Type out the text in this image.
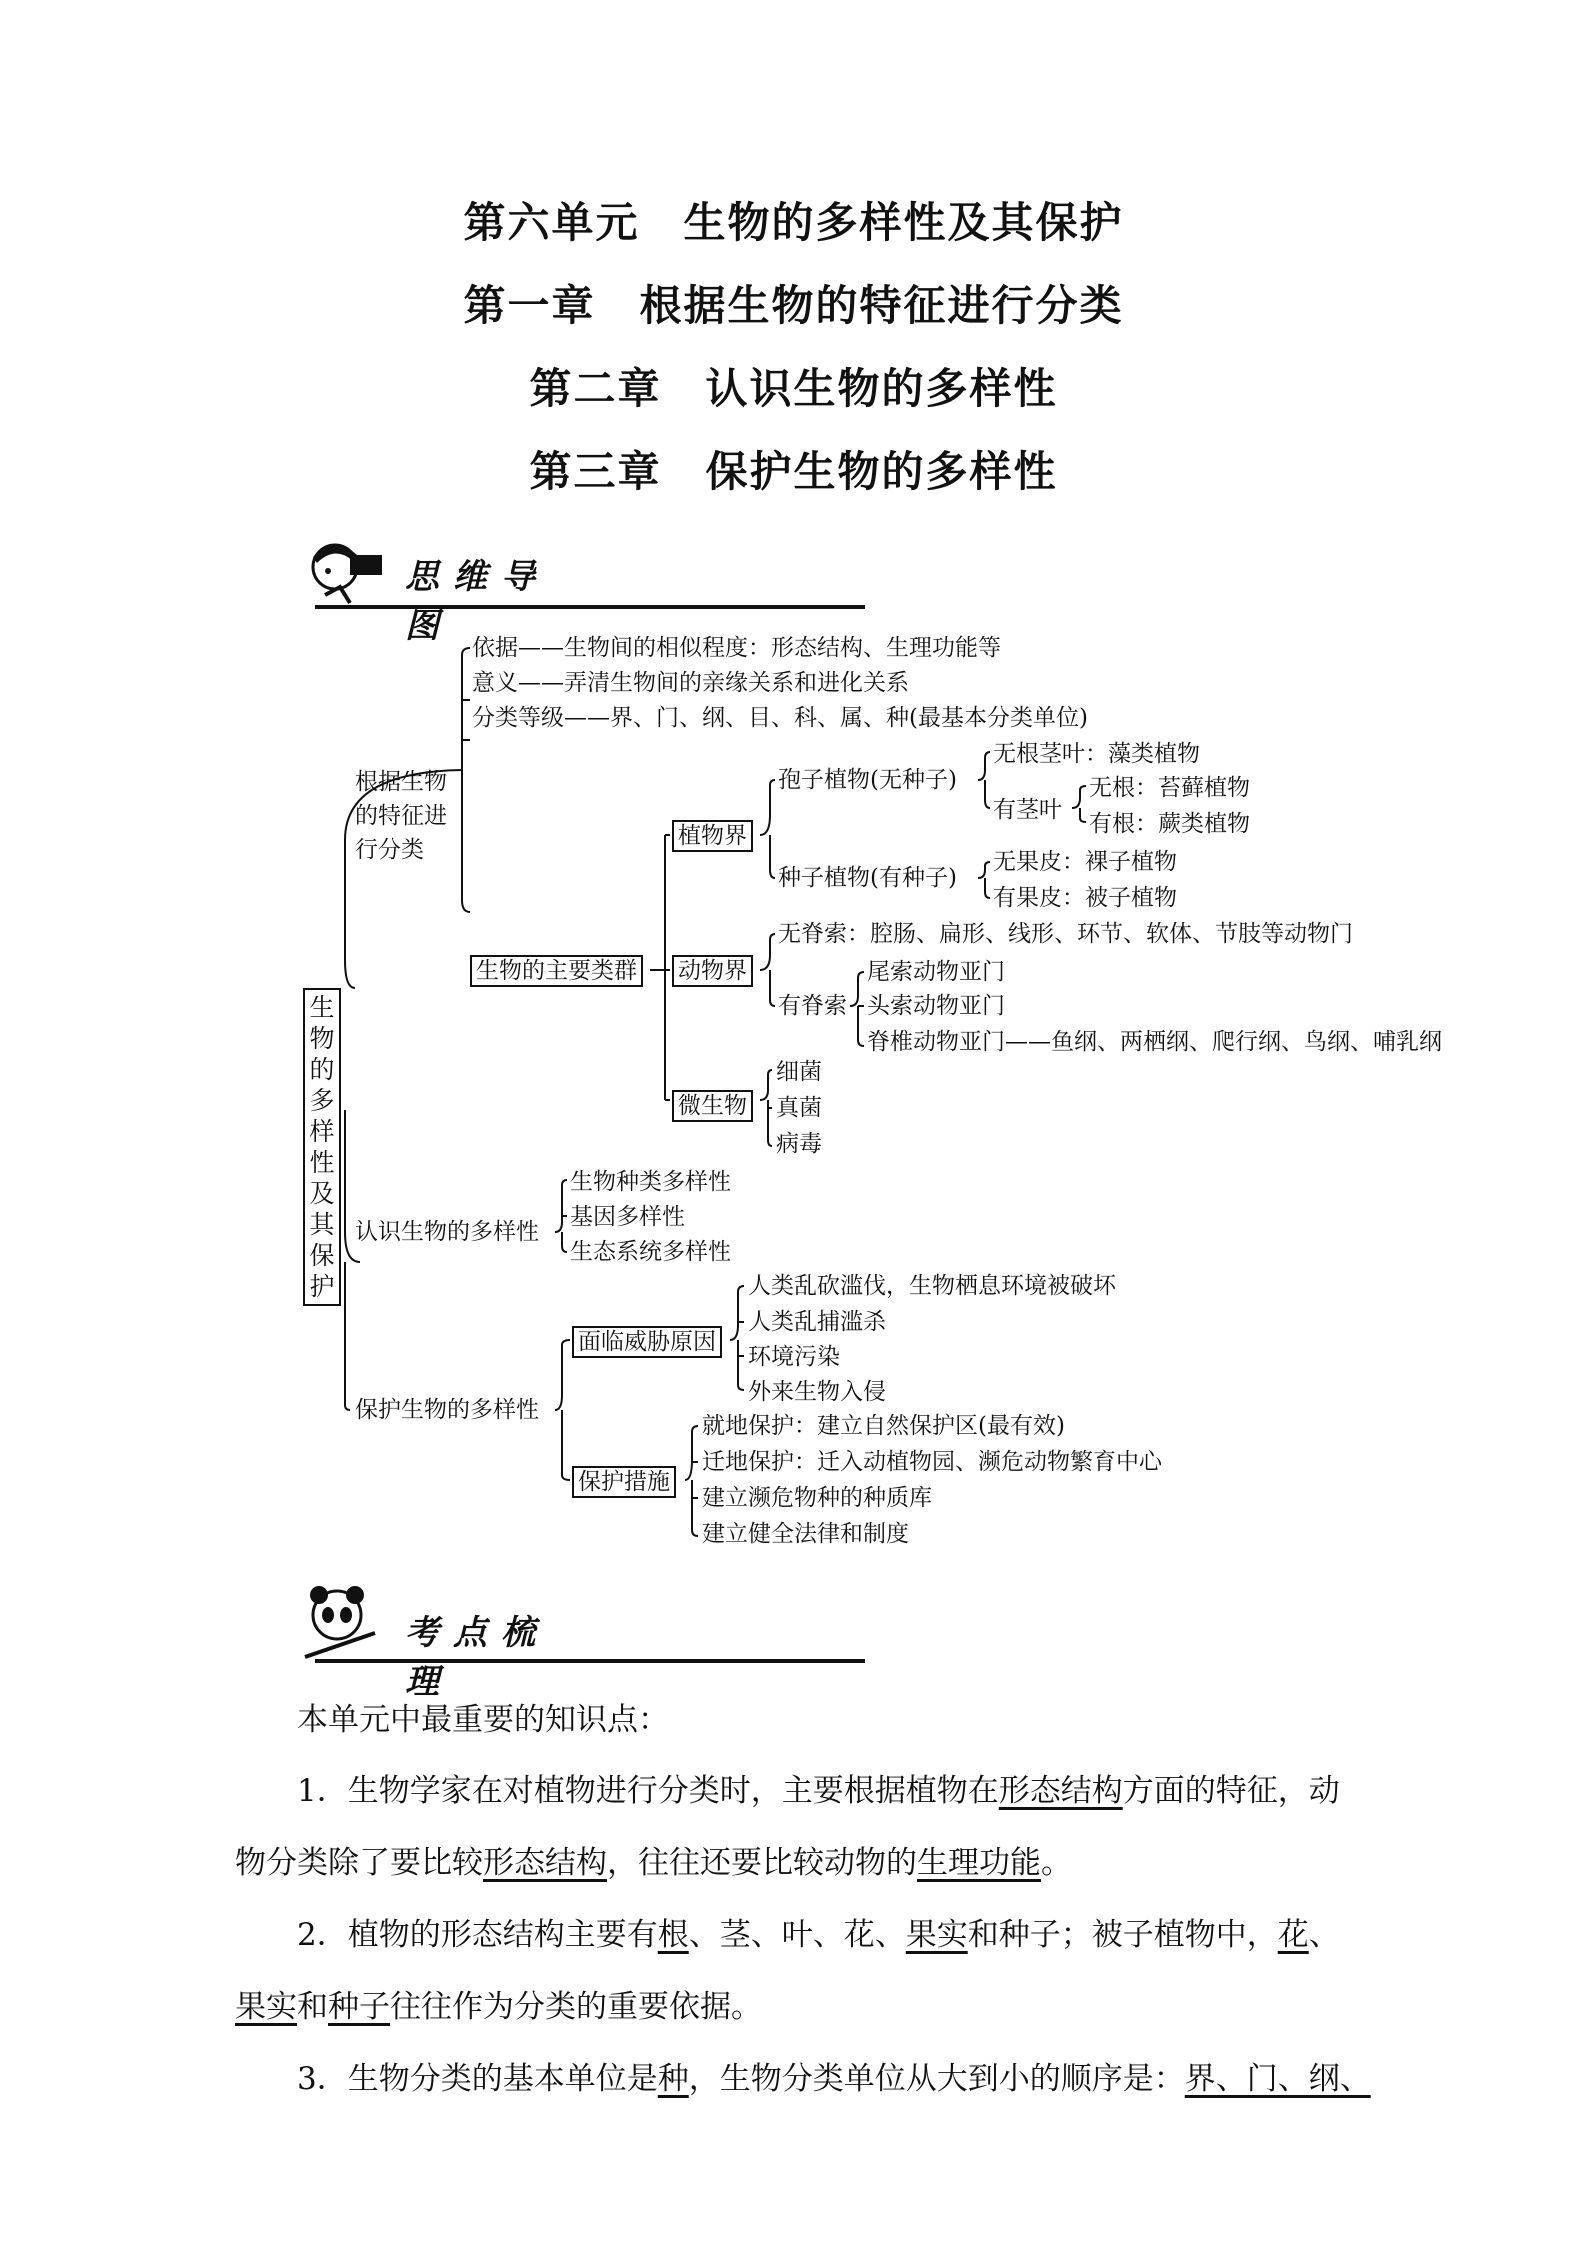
第六单元　生物的多样性及其保护
第一章　根据生物的特征进行分类
第二章　认识生物的多样性
第三章　保护生物的多样性
思维导图
生
物
的
多
样
性
及
其
保
护
根据生物
的特征进
行分类
依据——生物间的相似程度：形态结构、生理功能等
意义——弄清生物间的亲缘关系和进化关系
分类等级——界、门、纲、目、科、属、种(最基本分类单位)
生物的主要类群
植物界
孢子植物(无种子)
无根茎叶：藻类植物
有茎叶
无根：苔藓植物
有根：蕨类植物
种子植物(有种子)
无果皮：裸子植物
有果皮：被子植物
动物界
无脊索：腔肠、扁形、线形、环节、软体、节肢等动物门
有脊索
尾索动物亚门
头索动物亚门
脊椎动物亚门——鱼纲、两栖纲、爬行纲、鸟纲、哺乳纲
微生物
细菌
真菌
病毒
认识生物的多样性
生物种类多样性
基因多样性
生态系统多样性
保护生物的多样性
面临威胁原因
人类乱砍滥伐，生物栖息环境被破坏
人类乱捕滥杀
环境污染
外来生物入侵
保护措施
就地保护：建立自然保护区(最有效)
迁地保护：迁入动植物园、濒危动物繁育中心
建立濒危物种的种质库
建立健全法律和制度
考点梳理
本单元中最重要的知识点：
1．生物学家在对植物进行分类时，主要根据植物在形态结构方面的特征，动
物分类除了要比较形态结构，往往还要比较动物的生理功能。
2．植物的形态结构主要有根、茎、叶、花、果实和种子；被子植物中，花、
果实和种子往往作为分类的重要依据。
3．生物分类的基本单位是种，生物分类单位从大到小的顺序是：界、门、纲、
